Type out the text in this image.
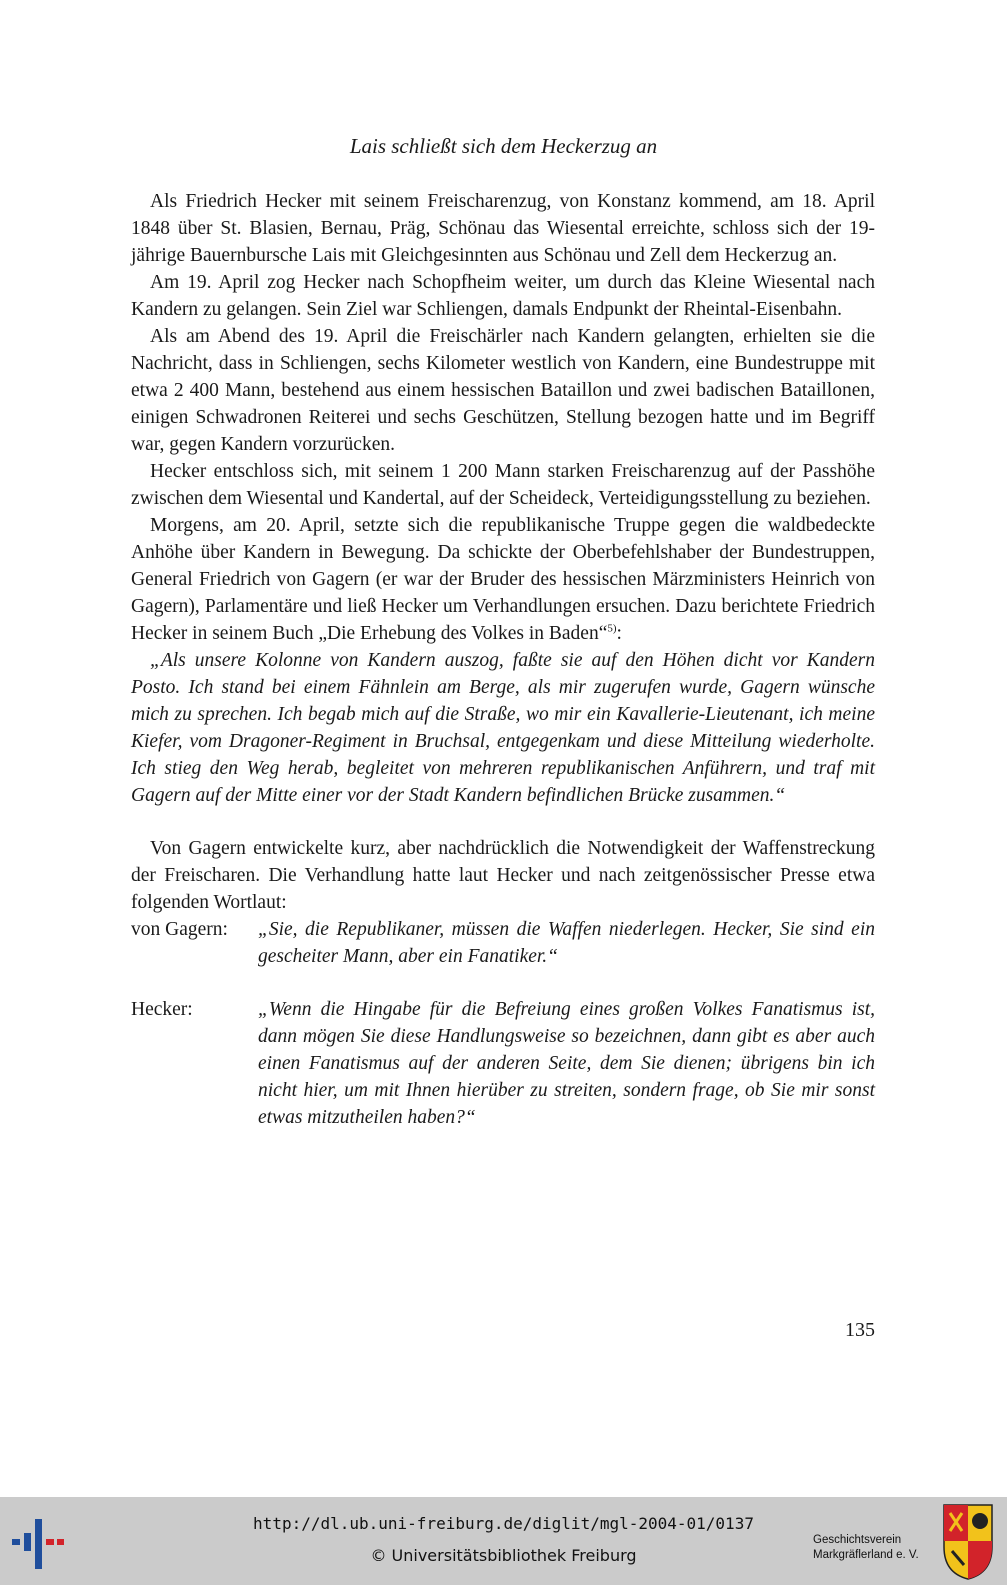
Lais schließt sich dem Heckerzug an

Als Friedrich Hecker mit seinem Freischarenzug, von Konstanz kommend, am 18. April 1848 über St. Blasien, Bernau, Präg, Schönau das Wiesental erreichte, schloss sich der 19-jährige Bauernbursche Lais mit Gleichgesinnten aus Schönau und Zell dem Heckerzug an.

Am 19. April zog Hecker nach Schopfheim weiter, um durch das Kleine Wiesental nach Kandern zu gelangen. Sein Ziel war Schliengen, damals Endpunkt der Rheintal-Eisenbahn.

Als am Abend des 19. April die Freischärler nach Kandern gelangten, erhielten sie die Nachricht, dass in Schliengen, sechs Kilometer westlich von Kandern, eine Bundestruppe mit etwa 2 400 Mann, bestehend aus einem hessischen Bataillon und zwei badischen Bataillonen, einigen Schwadronen Reiterei und sechs Geschützen, Stellung bezogen hatte und im Begriff war, gegen Kandern vorzurücken.

Hecker entschloss sich, mit seinem 1 200 Mann starken Freischarenzug auf der Passhöhe zwischen dem Wiesental und Kandertal, auf der Scheideck, Verteidigungsstellung zu beziehen.

Morgens, am 20. April, setzte sich die republikanische Truppe gegen die waldbedeckte Anhöhe über Kandern in Bewegung. Da schickte der Oberbefehlshaber der Bundestruppen, General Friedrich von Gagern (er war der Bruder des hessischen Märzministers Heinrich von Gagern), Parlamentäre und ließ Hecker um Verhandlungen ersuchen. Dazu berichtete Friedrich Hecker in seinem Buch „Die Erhebung des Volkes in Baden“$^{5)}$:

„Als unsere Kolonne von Kandern auszog, faßte sie auf den Höhen dicht vor Kandern Posto. Ich stand bei einem Fähnlein am Berge, als mir zugerufen wurde, Gagern wünsche mich zu sprechen. Ich begab mich auf die Straße, wo mir ein Kavallerie-Lieutenant, ich meine Kiefer, vom Dragoner-Regiment in Bruchsal, entgegenkam und diese Mitteilung wiederholte. Ich stieg den Weg herab, begleitet von mehreren republikanischen Anführern, und traf mit Gagern auf der Mitte einer vor der Stadt Kandern befindlichen Brücke zusammen.“

Von Gagern entwickelte kurz, aber nachdrücklich die Notwendigkeit der Waffenstreckung der Freischaren. Die Verhandlung hatte laut Hecker und nach zeitgenössischer Presse etwa folgenden Wortlaut:

von Gagern:	„Sie, die Republikaner, müssen die Waffen niederlegen. Hecker, Sie sind ein gescheiter Mann, aber ein Fanatiker.“
Hecker:	„Wenn die Hingabe für die Befreiung eines großen Volkes Fanatismus ist, dann mögen Sie diese Handlungsweise so bezeichnen, dann gibt es aber auch einen Fanatismus auf der anderen Seite, dem Sie dienen; übrigens bin ich nicht hier, um mit Ihnen hierüber zu streiten, sondern frage, ob Sie mir sonst etwas mitzutheilen haben?“
135
http://dl.ub.uni-freiburg.de/diglit/mgl-2004-01/0137
© Universitätsbibliothek Freiburg
Geschichtsverein
Markgräflerland e. V.
